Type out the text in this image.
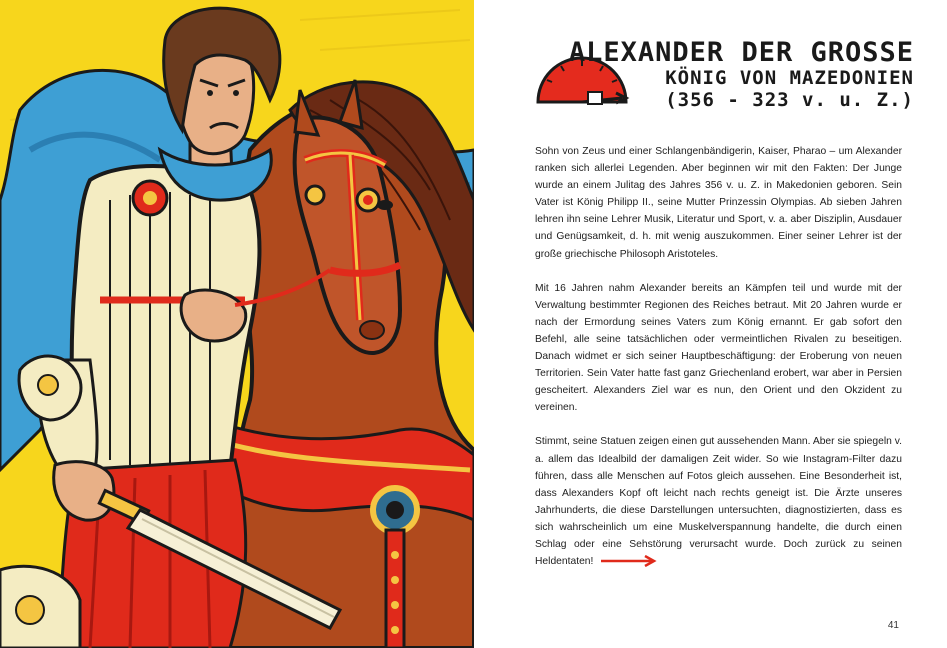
ALEXANDER DER GROSSE
KÖNIG VON MAZEDONIEN
(356 - 323 v. u. Z.)

Sohn von Zeus und einer Schlangenbändigerin, Kaiser, Pharao – um Alexander ranken sich allerlei Legenden. Aber beginnen wir mit den Fakten: Der Junge wurde an einem Julitag des Jahres 356 v. u. Z. in Makedonien geboren. Sein Vater ist König Philipp II., seine Mutter Prinzessin Olympias. Ab sieben Jahren lehren ihn seine Lehrer Musik, Literatur und Sport, v. a. aber Disziplin, Ausdauer und Genügsamkeit, d. h. mit wenig auszukommen. Einer seiner Lehrer ist der große griechische Philosoph Aristoteles.

Mit 16 Jahren nahm Alexander bereits an Kämpfen teil und wurde mit der Verwaltung bestimmter Regionen des Reiches betraut. Mit 20 Jahren wurde er nach der Ermordung seines Vaters zum König ernannt. Er gab sofort den Befehl, alle seine tatsächlichen oder vermeintlichen Rivalen zu beseitigen. Danach widmet er sich seiner Hauptbeschäftigung: der Eroberung von neuen Territorien. Sein Vater hatte fast ganz Griechenland erobert, war aber in Persien gescheitert. Alexanders Ziel war es nun, den Orient und den Okzident zu vereinen.

Stimmt, seine Statuen zeigen einen gut aussehenden Mann. Aber sie spiegeln v. a. allem das Idealbild der damaligen Zeit wider. So wie Instagram-Filter dazu führen, dass alle Menschen auf Fotos gleich aussehen. Eine Besonderheit ist, dass Alexanders Kopf oft leicht nach rechts geneigt ist. Die Ärzte unseres Jahrhunderts, die diese Darstellungen untersuchten, diagnostizierten, dass es sich wahrscheinlich um eine Muskelverspannung handelte, die durch einen Schlag oder eine Sehstörung verursacht wurde. Doch zurück zu seinen Heldentaten!

41
